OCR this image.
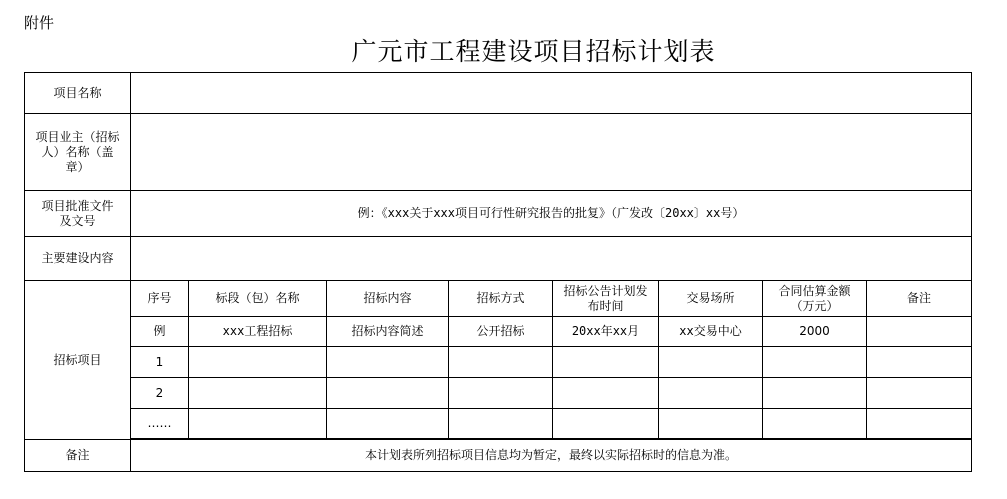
附件
广元市工程建设项目招标计划表
项目名称								
项目业主（招标人）名称（盖章）								
项目批准文件及文号	例：《xxx关于xxx项目可行性研究报告的批复》（广发改〔20xx〕xx号）							
主要建设内容								
招标项目	序号	标段（包）名称	招标内容	招标方式	招标公告计划发布时间	交易场所	合同估算金额（万元）	备注
	例	xxx工程招标	招标内容简述	公开招标	20xx年xx月	xx交易中心	2000	
	1							
	2							
	……							

备注	本计划表所列招标项目信息均为暂定，最终以实际招标时的信息为准。							
